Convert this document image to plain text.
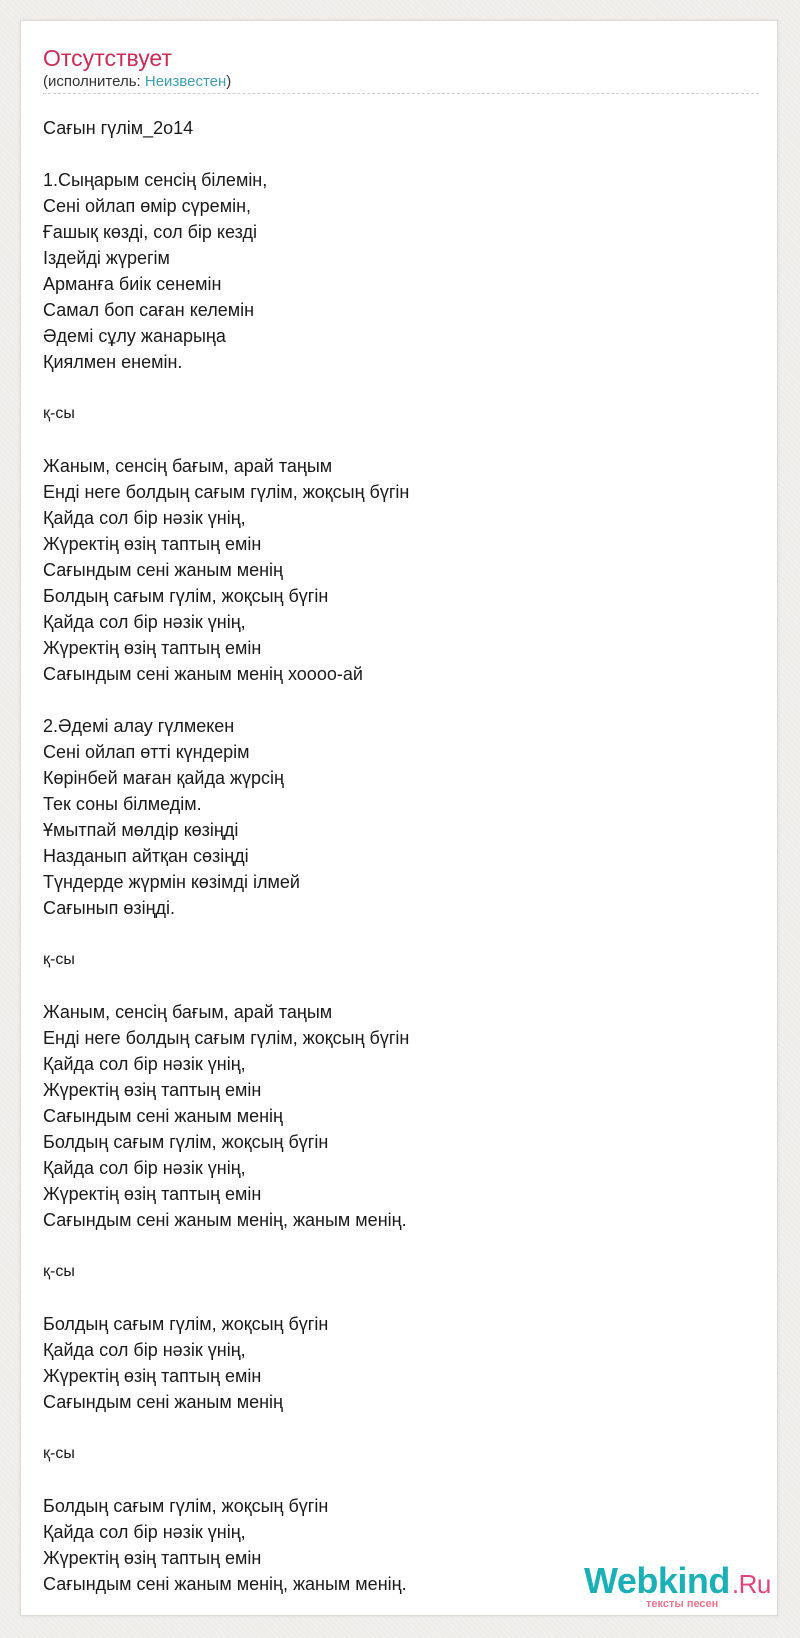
Отсутствует
(исполнитель: Неизвестен)
Сағын гүлім_2о14
1.Сыңарым сенсің білемін,
Сені ойлап өмір сүремін,
Ғашық көзді, сол бір кезді
Іздейді жүрегім
Арманға биік сенемін
Самал боп саған келемін
Әдемі сұлу жанарыңа
Қиялмен енемін.
қ-сы
Жаным, сенсің бағым, арай таңым
Енді неге болдың сағым гүлім, жоқсың бүгін
Қайда сол бір нәзік үнің,
Жүректің өзің таптың емін
Сағындым сені жаным менің
Болдың сағым гүлім, жоқсың бүгін
Қайда сол бір нәзік үнің,
Жүректің өзің таптың емін
Сағындым сені жаным менің хоооо-ай
2.Әдемі алау гүлмекен
Сені ойлап өтті күндерім
Көрінбей маған қайда жүрсің
Тек соны білмедім.
Ұмытпай мөлдір көзіңді
Назданып айтқан сөзіңді
Түндерде жүрмін көзімді ілмей
Сағынып өзіңді.
қ-сы
Жаным, сенсің бағым, арай таңым
Енді неге болдың сағым гүлім, жоқсың бүгін
Қайда сол бір нәзік үнің,
Жүректің өзің таптың емін
Сағындым сені жаным менің
Болдың сағым гүлім, жоқсың бүгін
Қайда сол бір нәзік үнің,
Жүректің өзің таптың емін
Сағындым сені жаным менің, жаным менің.
қ-сы
Болдың сағым гүлім, жоқсың бүгін
Қайда сол бір нәзік үнің,
Жүректің өзің таптың емін
Сағындым сені жаным менің
қ-сы
Болдың сағым гүлім, жоқсың бүгін
Қайда сол бір нәзік үнің,
Жүректің өзің таптың емін
Сағындым сені жаным менің, жаным менің.	Webkind.Ru
тексты песен
